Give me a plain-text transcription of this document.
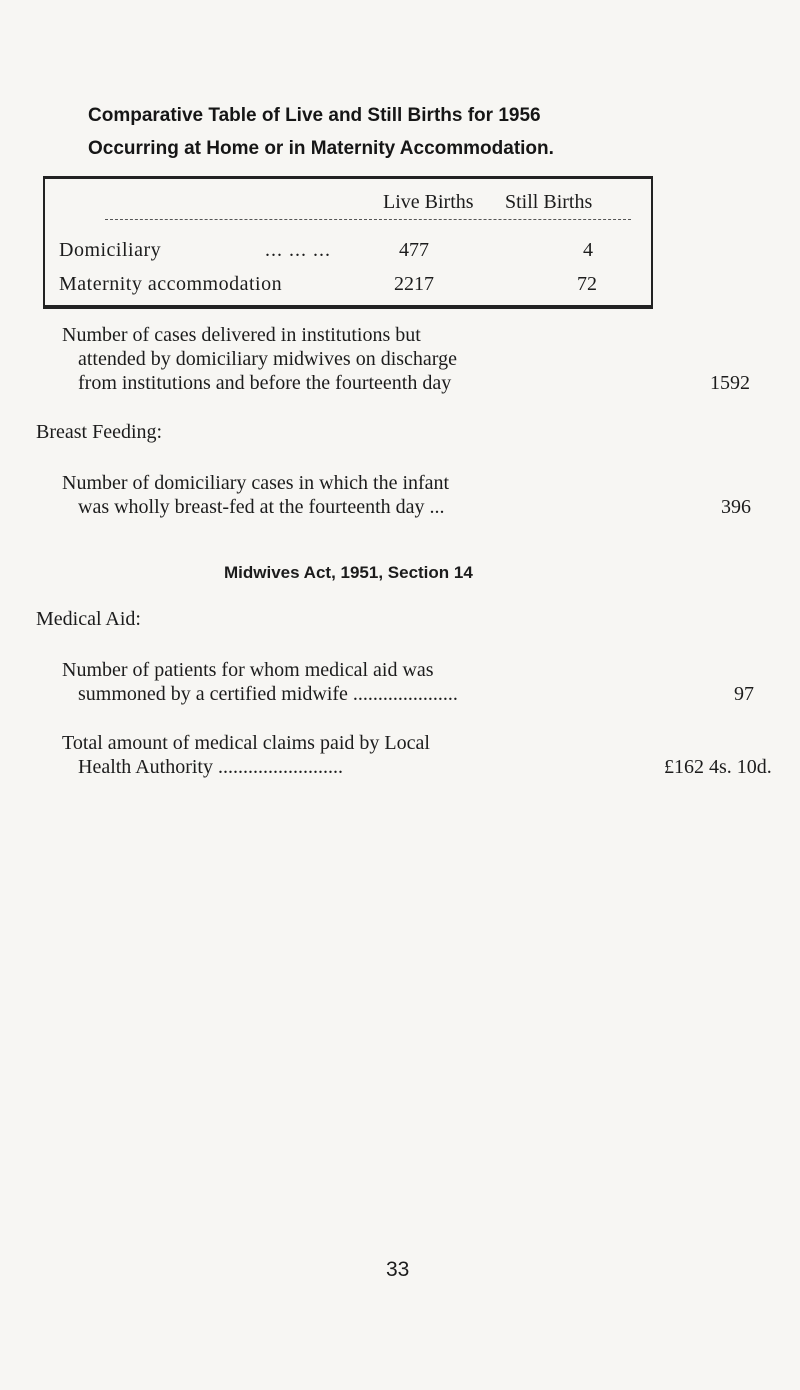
Comparative Table of Live and Still Births for 1956
Occurring at Home or in Maternity Accommodation.
Live Births Still Births
Domiciliary	... ... ...	477	4
Maternity accommodation	2217	72
Number of cases delivered in institutions but
attended by domiciliary midwives on discharge
from institutions and before the fourteenth day	1592
Breast Feeding:
Number of domiciliary cases in which the infant
was wholly breast-fed at the fourteenth day ...	396
Midwives Act, 1951, Section 14
Medical Aid:
Number of patients for whom medical aid was
summoned by a certified midwife .....................	97
Total amount of medical claims paid by Local
Health Authority .........................	£162 4s. 10d.
33
